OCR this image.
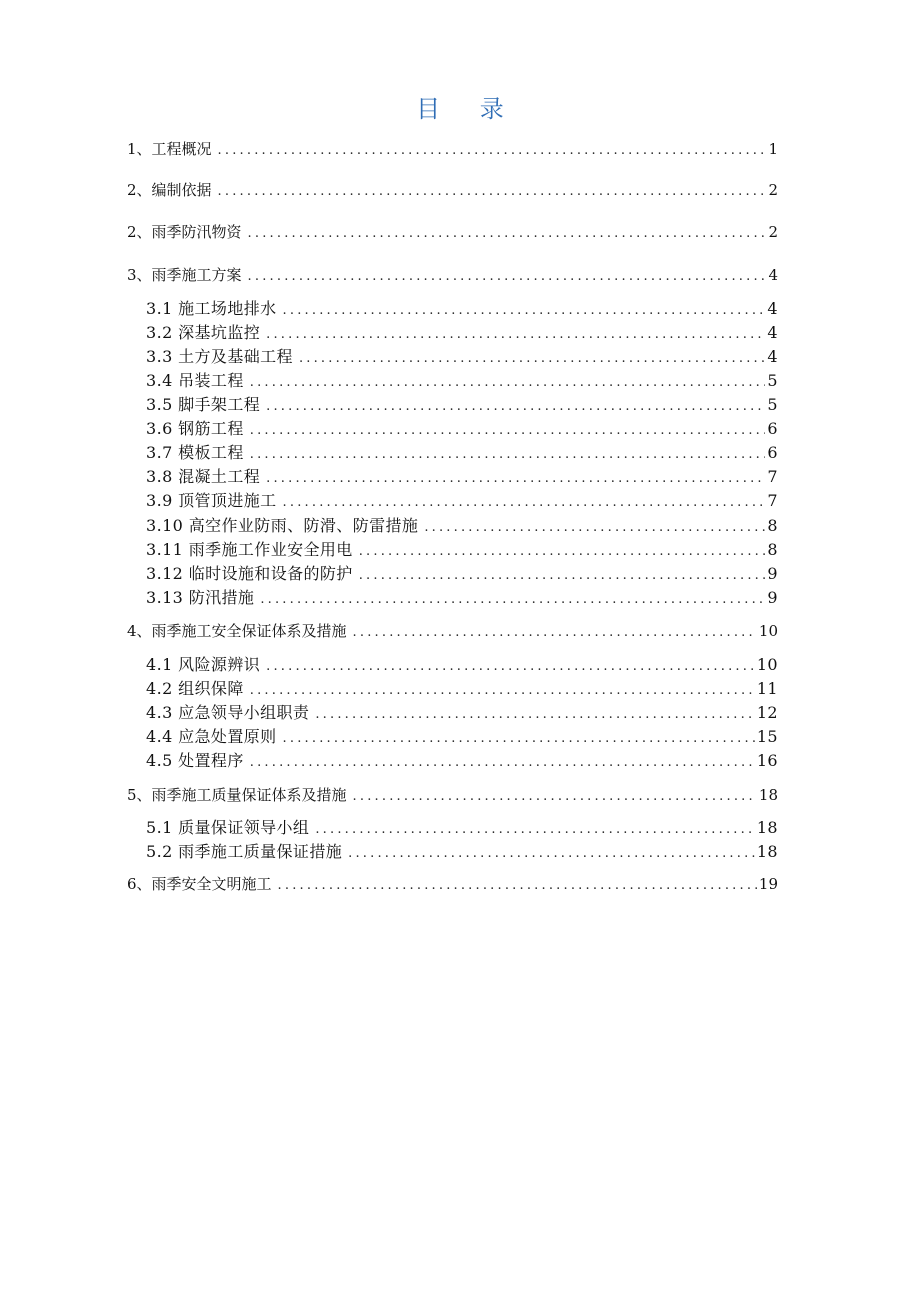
目 录
1、工程概况 .....	1
2、编制依据 .....	2
2、雨季防汛物资 .....	2
3、雨季施工方案 .....	4
3.1 施工场地排水 .....	4
3.2 深基坑监控 .....	4
3.3 土方及基础工程 .....	4
3.4 吊装工程 .....	5
3.5 脚手架工程 .....	5
3.6 钢筋工程 .....	6
3.7 模板工程 .....	6
3.8 混凝土工程 .....	7
3.9 顶管顶进施工 .....	7
3.10 高空作业防雨、防滑、防雷措施 .....	8
3.11 雨季施工作业安全用电 .....	8
3.12 临时设施和设备的防护 .....	9
3.13 防汛措施 .....	9
4、雨季施工安全保证体系及措施 .....	10
4.1 风险源辨识 .....	10
4.2 组织保障 .....	11
4.3 应急领导小组职责 .....	12
4.4 应急处置原则 .....	15
4.5 处置程序 .....	16
5、雨季施工质量保证体系及措施 .....	18
5.1 质量保证领导小组 .....	18
5.2 雨季施工质量保证措施 .....	18
6、雨季安全文明施工 .....	19
